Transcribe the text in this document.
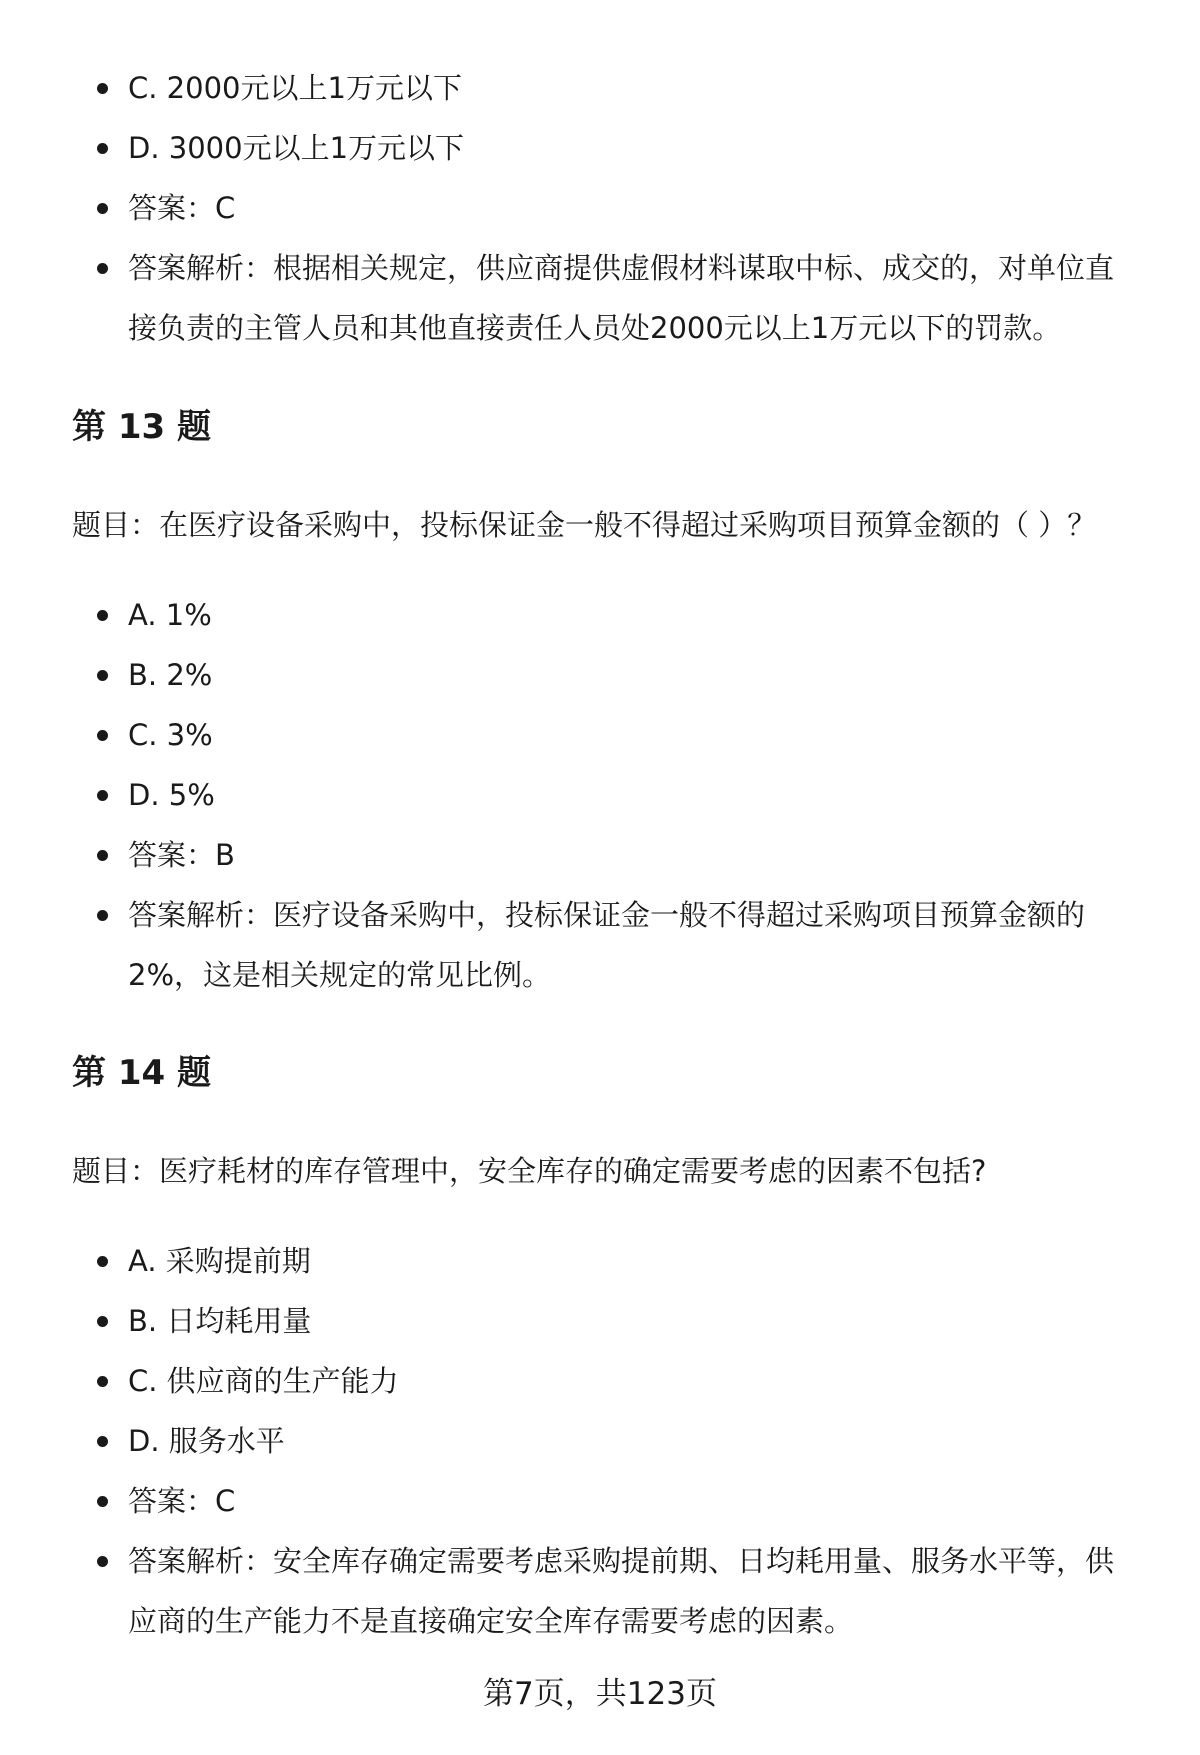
C. 2000元以上1万元以下
D. 3000元以上1万元以下
答案：C
答案解析：根据相关规定，供应商提供虚假材料谋取中标、成交的，对单位直接负责的主管人员和其他直接责任人员处2000元以上1万元以下的罚款。
第 13 题
题目：在医疗设备采购中，投标保证金一般不得超过采购项目预算金额的（ ）？
A. 1%
B. 2%
C. 3%
D. 5%
答案：B
答案解析：医疗设备采购中，投标保证金一般不得超过采购项目预算金额的2%，这是相关规定的常见比例。
第 14 题
题目：医疗耗材的库存管理中，安全库存的确定需要考虑的因素不包括?
A. 采购提前期
B. 日均耗用量
C. 供应商的生产能力
D. 服务水平
答案：C
答案解析：安全库存确定需要考虑采购提前期、日均耗用量、服务水平等，供应商的生产能力不是直接确定安全库存需要考虑的因素。
第7页，共123页
